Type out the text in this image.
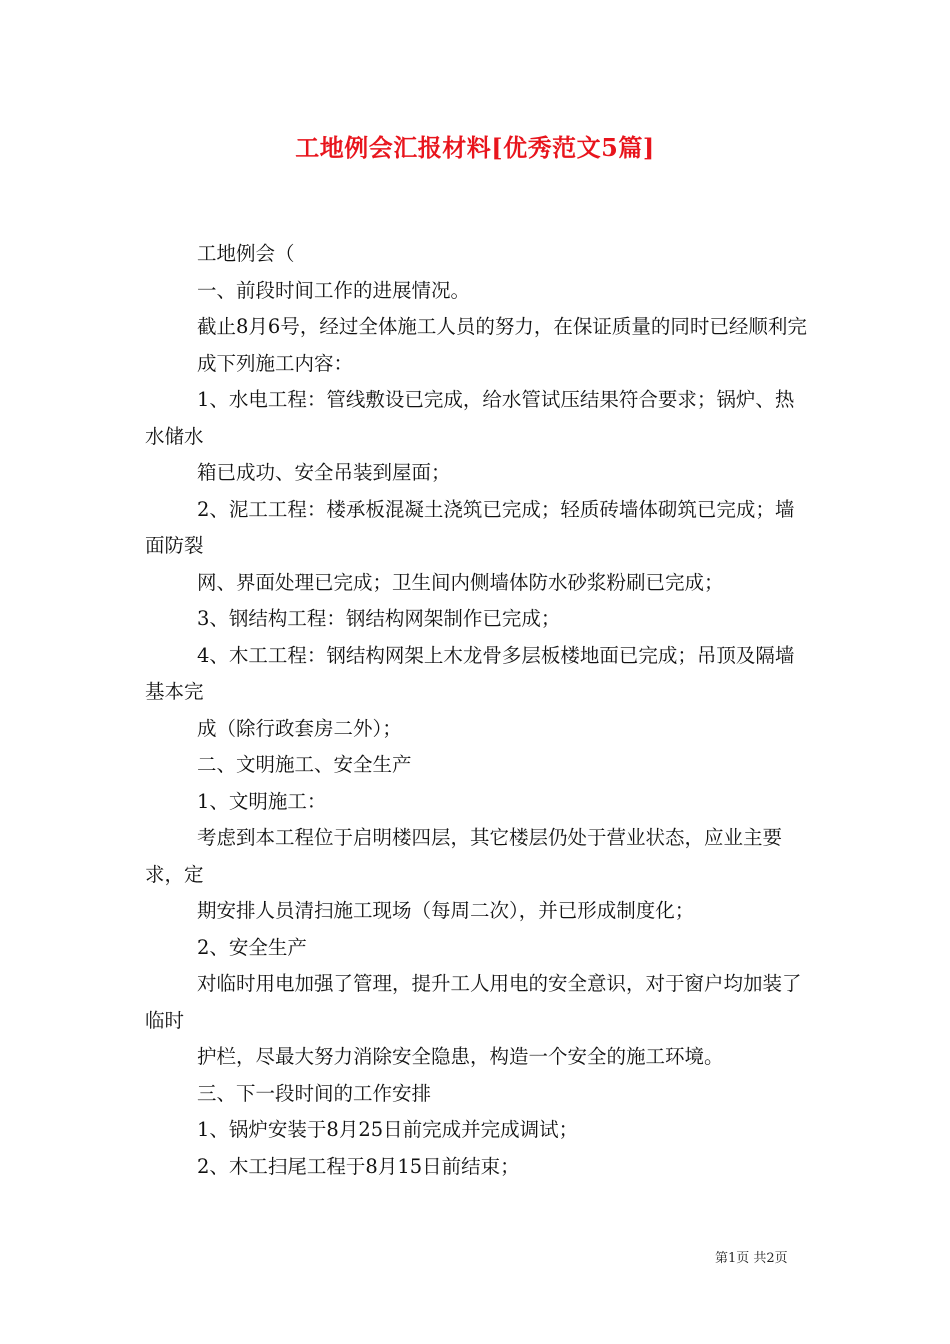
工地例会汇报材料[优秀范文5篇]

工地例会（

一、前段时间工作的进展情况。

截止8月6号，经过全体施工人员的努力，在保证质量的同时已经顺利完

成下列施工内容：

1、水电工程：管线敷设已完成，给水管试压结果符合要求；锅炉、热水储水

箱已成功、安全吊装到屋面；

2、泥工工程：楼承板混凝土浇筑已完成；轻质砖墙体砌筑已完成；墙面防裂

网、界面处理已完成；卫生间内侧墙体防水砂浆粉刷已完成；

3、钢结构工程：钢结构网架制作已完成；

4、木工工程：钢结构网架上木龙骨多层板楼地面已完成；吊顶及隔墙基本完

成（除行政套房二外）；

二、文明施工、安全生产

1、文明施工：

考虑到本工程位于启明楼四层，其它楼层仍处于营业状态，应业主要求，定

期安排人员清扫施工现场（每周二次），并已形成制度化；

2、安全生产

对临时用电加强了管理，提升工人用电的安全意识，对于窗户均加装了临时

护栏，尽最大努力消除安全隐患，构造一个安全的施工环境。

三、下一段时间的工作安排

1、锅炉安装于8月25日前完成并完成调试；

2、木工扫尾工程于8月15日前结束；

第1页 共2页
